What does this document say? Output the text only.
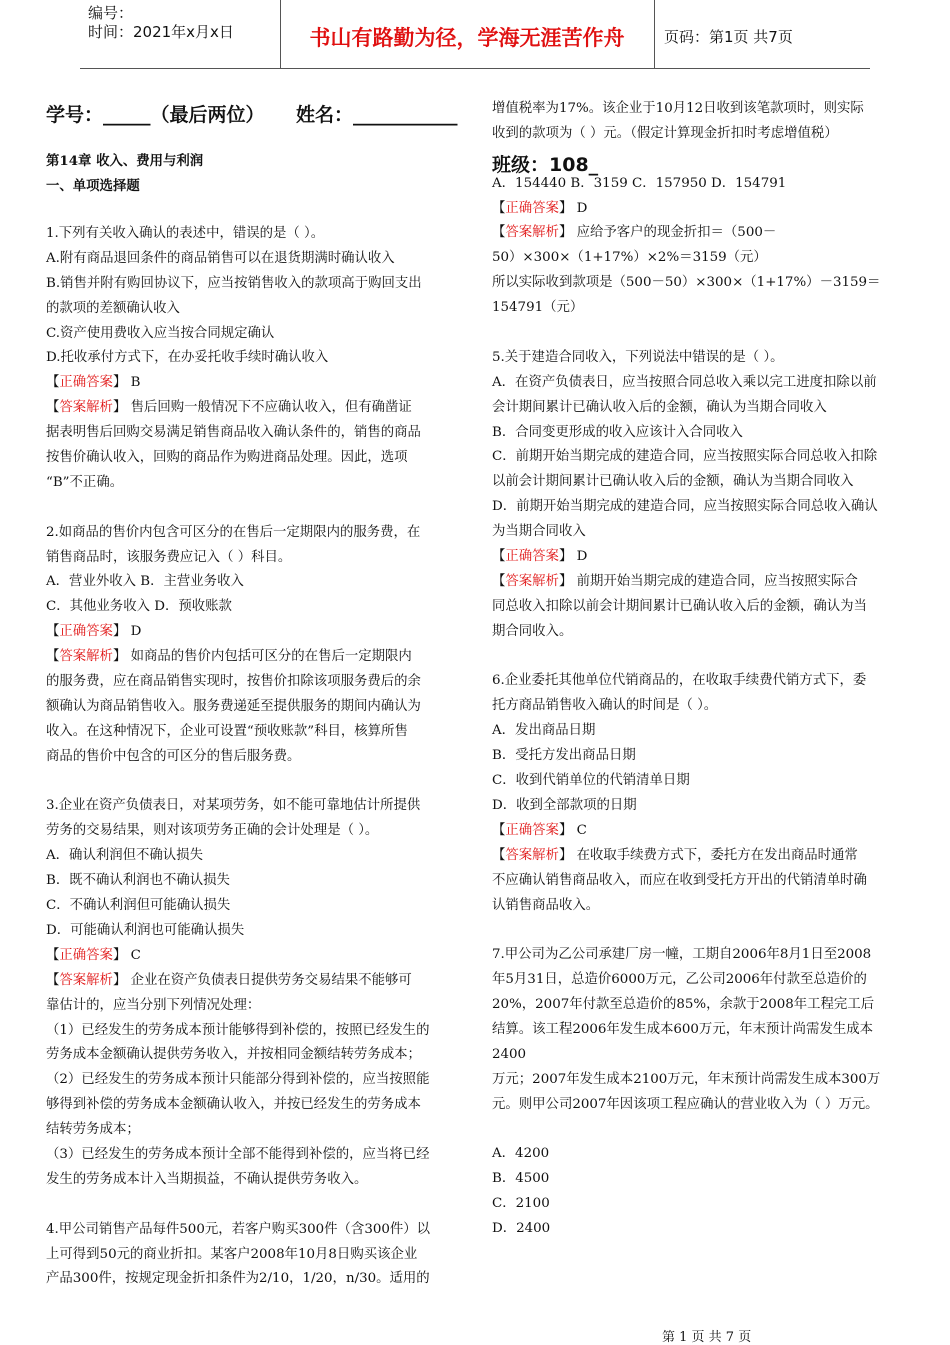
编号：
时间：2021年x月x日	书山有路勤为径，学海无涯苦作舟	页码：第1页 共7页
学号：_____（最后两位） 姓名：___________
班级：108_
第14章 收入、费用与利润
一、单项选择题
1.下列有关收入确认的表述中，错误的是（ ）。
A.附有商品退回条件的商品销售可以在退货期满时确认收入
B.销售并附有购回协议下，应当按销售收入的款项高于购回支出
的款项的差额确认收入
C.资产使用费收入应当按合同规定确认
D.托收承付方式下，在办妥托收手续时确认收入
【正确答案】 B
【答案解析】 售后回购一般情况下不应确认收入，但有确凿证
据表明售后回购交易满足销售商品收入确认条件的，销售的商品
按售价确认收入，回购的商品作为购进商品处理。因此，选项
“B”不正确。
2.如商品的售价内包含可区分的在售后一定期限内的服务费，在
销售商品时，该服务费应记入（ ）科目。
A．营业外收入 B．主营业务收入
C．其他业务收入 D．预收账款
【正确答案】 D
【答案解析】 如商品的售价内包括可区分的在售后一定期限内
的服务费，应在商品销售实现时，按售价扣除该项服务费后的余
额确认为商品销售收入。服务费递延至提供服务的期间内确认为
收入。在这种情况下，企业可设置“预收账款”科目，核算所售
商品的售价中包含的可区分的售后服务费。
3.企业在资产负债表日，对某项劳务，如不能可靠地估计所提供
劳务的交易结果，则对该项劳务正确的会计处理是（ ）。
A．确认利润但不确认损失
B．既不确认利润也不确认损失
C．不确认利润但可能确认损失
D．可能确认利润也可能确认损失
【正确答案】 C
【答案解析】 企业在资产负债表日提供劳务交易结果不能够可
靠估计的，应当分别下列情况处理：
（1）已经发生的劳务成本预计能够得到补偿的，按照已经发生的
劳务成本金额确认提供劳务收入，并按相同金额结转劳务成本；
（2）已经发生的劳务成本预计只能部分得到补偿的，应当按照能
够得到补偿的劳务成本金额确认收入，并按已经发生的劳务成本
结转劳务成本；
（3）已经发生的劳务成本预计全部不能得到补偿的，应当将已经
发生的劳务成本计入当期损益，不确认提供劳务收入。
4.甲公司销售产品每件500元，若客户购买300件（含300件）以
上可得到50元的商业折扣。某客户2008年10月8日购买该企业
产品300件，按规定现金折扣条件为2/10，1/20，n/30。适用的
增值税率为17%。该企业于10月12日收到该笔款项时，则实际
收到的款项为（ ）元。（假定计算现金折扣时考虑增值税）
A．154440 B．3159 C．157950 D．154791
【正确答案】 D
【答案解析】 应给予客户的现金折扣＝（500－
50）×300×（1+17%）×2%＝3159（元）
所以实际收到款项是（500－50）×300×（1+17%）－3159＝
154791（元）
5.关于建造合同收入，下列说法中错误的是（ ）。
A．在资产负债表日，应当按照合同总收入乘以完工进度扣除以前
会计期间累计已确认收入后的金额，确认为当期合同收入
B．合同变更形成的收入应该计入合同收入
C．前期开始当期完成的建造合同，应当按照实际合同总收入扣除
以前会计期间累计已确认收入后的金额，确认为当期合同收入
D．前期开始当期完成的建造合同，应当按照实际合同总收入确认
为当期合同收入
【正确答案】 D
【答案解析】 前期开始当期完成的建造合同，应当按照实际合
同总收入扣除以前会计期间累计已确认收入后的金额，确认为当
期合同收入。
6.企业委托其他单位代销商品的，在收取手续费代销方式下，委
托方商品销售收入确认的时间是（ ）。
A．发出商品日期
B．受托方发出商品日期
C．收到代销单位的代销清单日期
D．收到全部款项的日期
【正确答案】 C
【答案解析】 在收取手续费方式下，委托方在发出商品时通常
不应确认销售商品收入，而应在收到受托方开出的代销清单时确
认销售商品收入。
7.甲公司为乙公司承建厂房一幢，工期自2006年8月1日至2008
年5月31日，总造价6000万元，乙公司2006年付款至总造价的
20%，2007年付款至总造价的85%，余款于2008年工程完工后
结算。该工程2006年发生成本600万元，年末预计尚需发生成本
2400
万元；2007年发生成本2100万元，年末预计尚需发生成本300万
元。则甲公司2007年因该项工程应确认的营业收入为（ ）万元。
A．4200
B．4500
C．2100
D．2400
第 1 页 共 7 页
